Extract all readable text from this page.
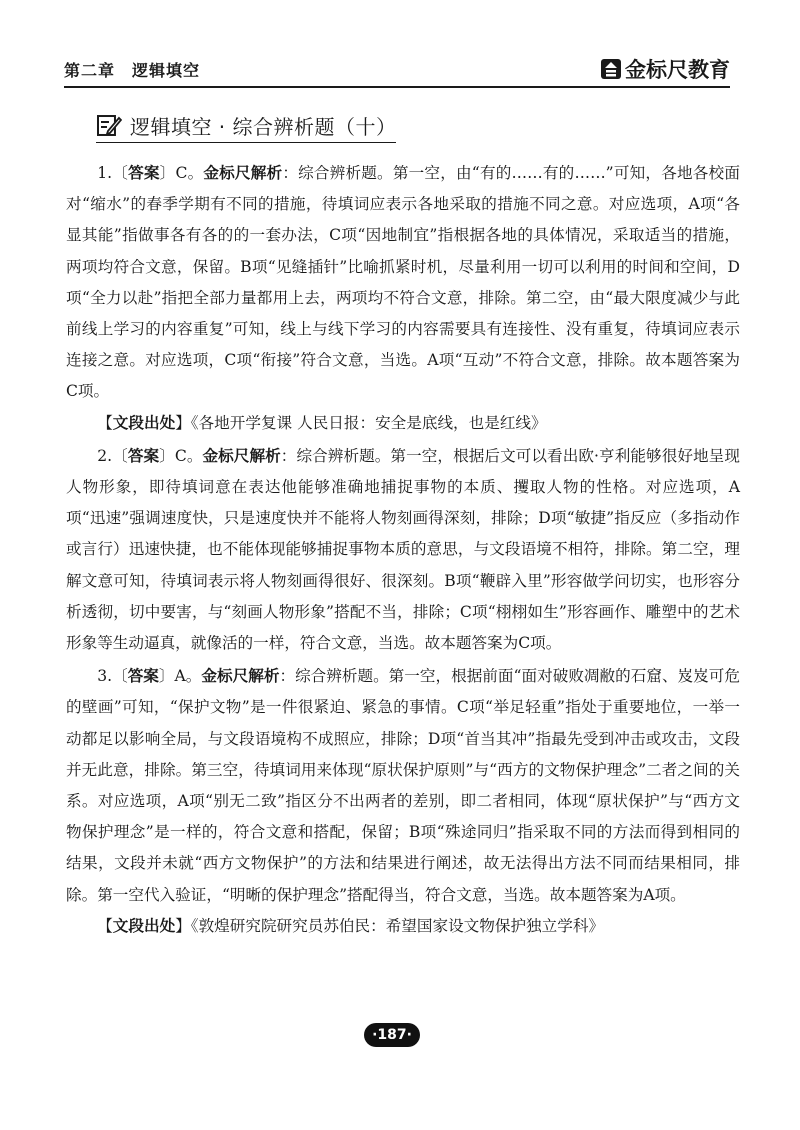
第二章　逻辑填空	金标尺教育
逻辑填空 · 综合辨析题（十）

1.〔答案〕C。金标尺解析：综合辨析题。第一空，由“有的……有的……”可知，各地各校面对“缩水”的春季学期有不同的措施，待填词应表示各地采取的措施不同之意。对应选项，A项“各显其能”指做事各有各的的一套办法，C项“因地制宜”指根据各地的具体情况，采取适当的措施，两项均符合文意，保留。B项“见缝插针”比喻抓紧时机，尽量利用一切可以利用的时间和空间，D项“全力以赴”指把全部力量都用上去，两项均不符合文意，排除。第二空，由“最大限度减少与此前线上学习的内容重复”可知，线上与线下学习的内容需要具有连接性、没有重复，待填词应表示连接之意。对应选项，C项“衔接”符合文意，当选。A项“互动”不符合文意，排除。故本题答案为C项。

【文段出处】《各地开学复课 人民日报：安全是底线，也是红线》

2.〔答案〕C。金标尺解析：综合辨析题。第一空，根据后文可以看出欧·亨利能够很好地呈现人物形象，即待填词意在表达他能够准确地捕捉事物的本质、攫取人物的性格。对应选项，A项“迅速”强调速度快，只是速度快并不能将人物刻画得深刻，排除；D项“敏捷”指反应（多指动作或言行）迅速快捷，也不能体现能够捕捉事物本质的意思，与文段语境不相符，排除。第二空，理解文意可知，待填词表示将人物刻画得很好、很深刻。B项“鞭辟入里”形容做学问切实，也形容分析透彻，切中要害，与“刻画人物形象”搭配不当，排除；C项“栩栩如生”形容画作、雕塑中的艺术形象等生动逼真，就像活的一样，符合文意，当选。故本题答案为C项。

3.〔答案〕A。金标尺解析：综合辨析题。第一空，根据前面“面对破败凋敝的石窟、岌岌可危的壁画”可知，“保护文物”是一件很紧迫、紧急的事情。C项“举足轻重”指处于重要地位，一举一动都足以影响全局，与文段语境构不成照应，排除；D项“首当其冲”指最先受到冲击或攻击，文段并无此意，排除。第三空，待填词用来体现“原状保护原则”与“西方的文物保护理念”二者之间的关系。对应选项，A项“别无二致”指区分不出两者的差别，即二者相同，体现“原状保护”与“西方文物保护理念”是一样的，符合文意和搭配，保留；B项“殊途同归”指采取不同的方法而得到相同的结果，文段并未就“西方文物保护”的方法和结果进行阐述，故无法得出方法不同而结果相同，排除。第一空代入验证，“明晰的保护理念”搭配得当，符合文意，当选。故本题答案为A项。

【文段出处】《敦煌研究院研究员苏伯民：希望国家设文物保护独立学科》

·187·
